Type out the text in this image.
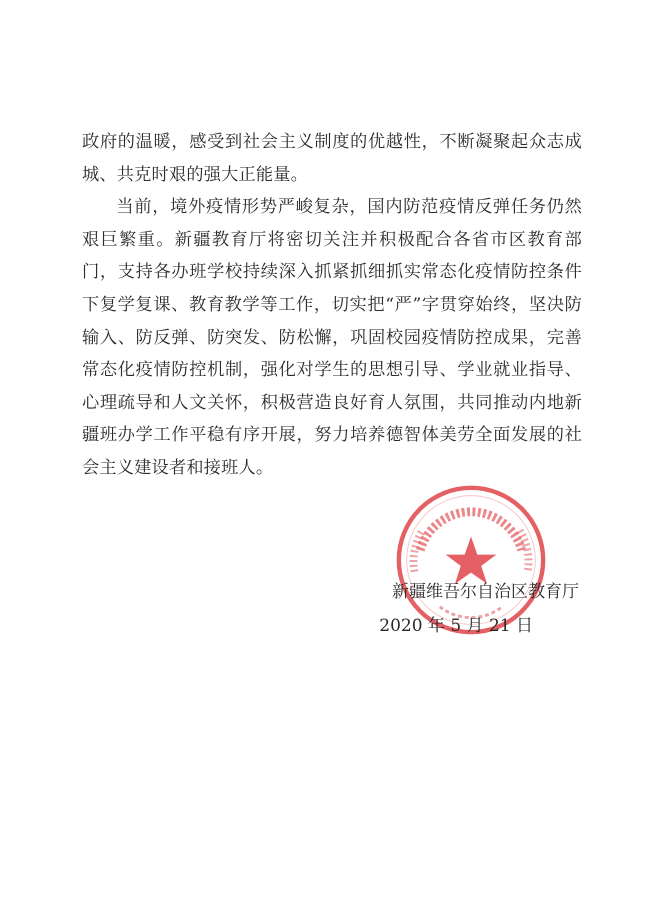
政府的温暖，感受到社会主义制度的优越性，不断凝聚起众志成城、共克时艰的强大正能量。

当前，境外疫情形势严峻复杂，国内防范疫情反弹任务仍然艰巨繁重。新疆教育厅将密切关注并积极配合各省市区教育部门，支持各办班学校持续深入抓紧抓细抓实常态化疫情防控条件下复学复课、教育教学等工作，切实把“严”字贯穿始终，坚决防输入、防反弹、防突发、防松懈，巩固校园疫情防控成果，完善常态化疫情防控机制，强化对学生的思想引导、学业就业指导、心理疏导和人文关怀，积极营造良好育人氛围，共同推动内地新疆班办学工作平稳有序开展，努力培养德智体美劳全面发展的社会主义建设者和接班人。

新疆维吾尔自治区教育厅
2020 年 5 月 21 日
